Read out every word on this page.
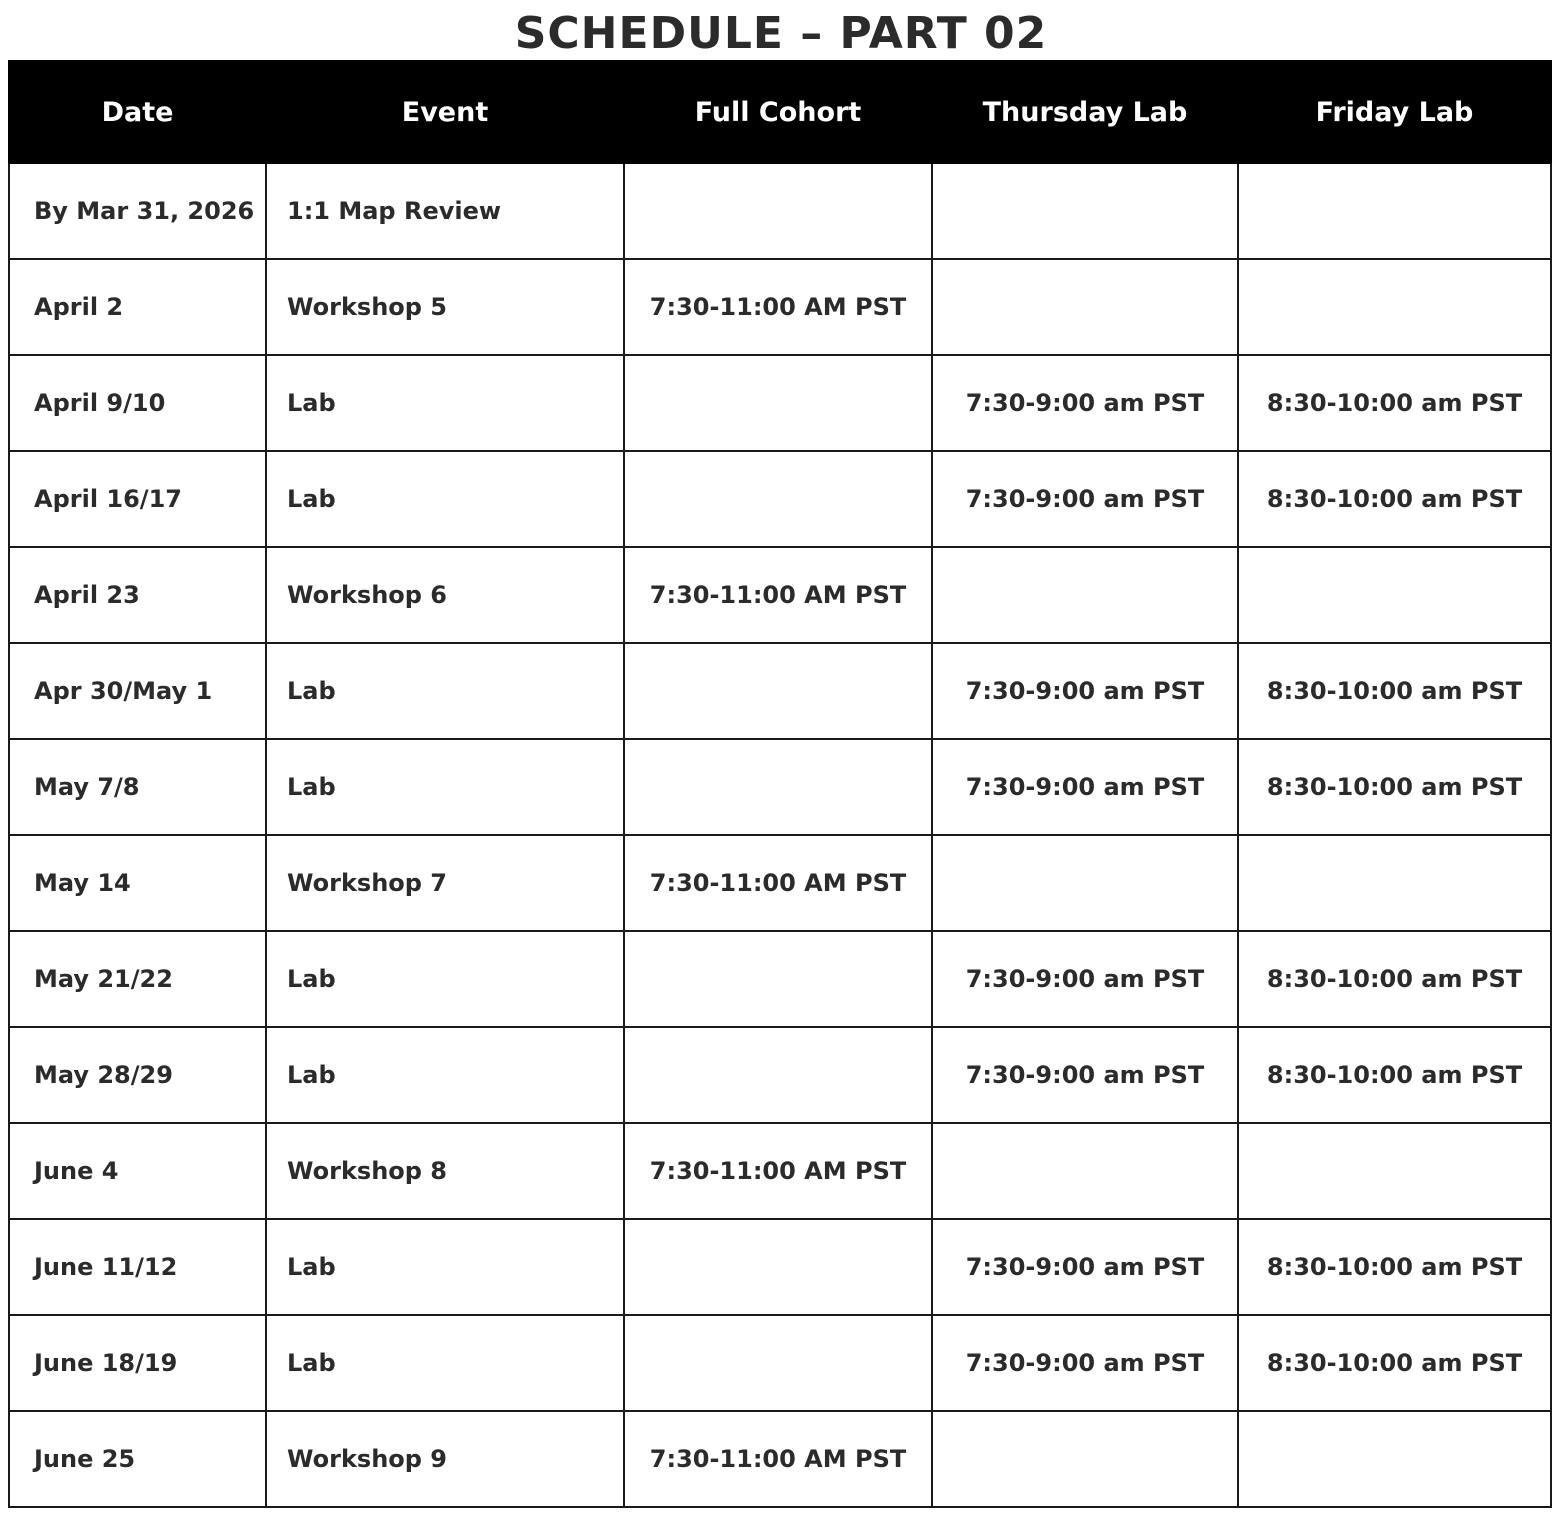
SCHEDULE – PART 02
Date	Event	Full Cohort	Thursday Lab	Friday Lab
By Mar 31, 2026	1:1 Map Review			
April 2	Workshop 5	7:30-11:00 AM PST		
April 9/10	Lab		7:30-9:00 am PST	8:30-10:00 am PST
April 16/17	Lab		7:30-9:00 am PST	8:30-10:00 am PST
April 23	Workshop 6	7:30-11:00 AM PST		
Apr 30/May 1	Lab		7:30-9:00 am PST	8:30-10:00 am PST
May 7/8	Lab		7:30-9:00 am PST	8:30-10:00 am PST
May 14	Workshop 7	7:30-11:00 AM PST		
May 21/22	Lab		7:30-9:00 am PST	8:30-10:00 am PST
May 28/29	Lab		7:30-9:00 am PST	8:30-10:00 am PST
June 4	Workshop 8	7:30-11:00 AM PST		
June 11/12	Lab		7:30-9:00 am PST	8:30-10:00 am PST
June 18/19	Lab		7:30-9:00 am PST	8:30-10:00 am PST
June 25	Workshop 9	7:30-11:00 AM PST		
